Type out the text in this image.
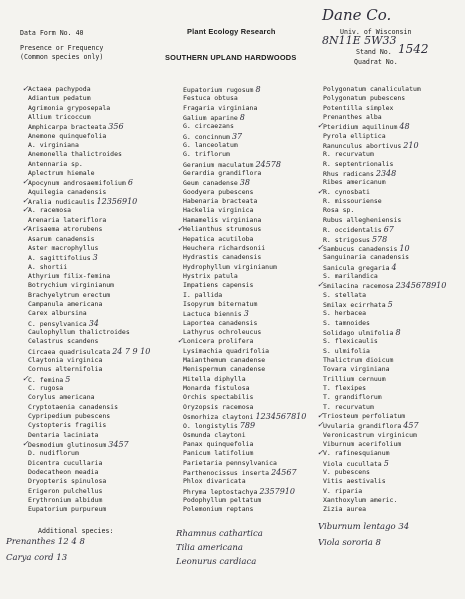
Data Form No. 40	Plant Ecology Research	Univ. of Wisconsin
Presence or Frequency
(Common species only)	SOUTHERN UPLAND HARDWOODS
Stand No.
Quadrat No.
Dane Co.
8N11E 5W33
1542
✓ Actaea pachypoda
Adiantum pedatum
Agrimonia gryposepala
Allium tricoccum
Amphicarpa bracteata 356
Anemone quinquefolia
A. virginiana
Anemonella thalictroides
Antennaria sp.
Aplectrum hiemale
✓ Apocynum androsaemifolium 6
Aquilegia canadensis
✓ Aralia nudicaulis 12356910
✓ A. racemosa
Arenaria lateriflora
✓ Arisaema atrorubens
Asarum canadensis
Aster macrophyllus
A. sagittifolius 3
A. shortii
Athyrium filix-femina
Botrychium virginianum
Brachyelytrum erectum
Campanula americana
Carex albursina
C. pensylvanica 34
Caulophyllum thalictroides
Celastrus scandens
Circaea quadrisulcata 24 7 9 10
Claytonia virginica
Cornus alternifolia
✓ C. femina 5
C. rugosa
Corylus americana
Cryptotaenia canadensis
Cypripedium pubescens
Cystopteris fragilis
Dentaria laciniata
✓ Desmodium glutinosum 3457
D. nudiflorum
Dicentra cucullaria
Dodecatheon meadia
Dryopteris spinulosa
Erigeron pulchellus
Erythronium albidum
Eupatorium purpureum
Eupatorium rugosum 8
Festuca obtusa
Fragaria virginiana
Galium aparine 8
G. circaezans
G. concinnum 37
G. lanceolatum
G. triflorum
Geranium maculatum 24578
Gerardia grandiflora
Geum canadense 38
Goodyera pubescens
Habenaria bracteata
Hackelia virginica
Hamamelis virginiana
✓ Helianthus strumosus
Hepatica acutiloba
Heuchera richardsonii
Hydrastis canadensis
Hydrophyllum virginianum
Hystrix patula
Impatiens capensis
I. pallida
Isopyrum biternatum
Lactuca biennis 3
Laportea canadensis
Lathyrus ochroleucus
✓ Lonicera prolifera
Lysimachia quadrifolia
Maianthemum canadense
Menispermum canadense
Mitella diphylla
Monarda fistulosa
Orchis spectabilis
Oryzopsis racemosa
Osmorhiza claytoni 1234567810
O. longistylis 789
Osmunda claytoni
Panax quinquefolia
Panicum latifolium
Parietaria pennsylvanica
Parthenocissus inserta 24567
Phlox divaricata
Phryma leptostachya 2357910
Podophyllum peltatum
Polemonium reptans
Polygonatum canaliculatum
Polygonatum pubescens
Potentilla simplex
Prenanthes alba
✓ Pteridium aquilinum 48
Pyrola elliptica
Ranunculus abortivus 210
R. recurvatum
R. septentrionalis
Rhus radicans 2348
Ribes americanum
✓ R. cynosbati
R. missouriense
Rosa sp.
Rubus allegheniensis
R. occidentalis 67
R. strigosus 578
✓ Sambucus canadensis 10
Sanguinaria canadensis
Sanicula gregaria 4
S. marilandica
✓ Smilacina racemosa 2345678910
S. stellata
Smilax ecirrhata 5
S. herbacea
S. tamnoides
Solidago ulmifolia 8
S. flexicaulis
S. ulmifolia
Thalictrum dioicum
Tovara virginiana
Trillium cernuum
T. flexipes
T. grandiflorum
T. recurvatum
✓ Triosteum perfoliatum
✓ Uvularia grandiflora 457
Veronicastrum virginicum
Viburnum acerifolium
✓ V. rafinesquianum
Viola cucullata 5
V. pubescens
Vitis aestivalis
V. riparia
Xanthoxylum americ.
Zizia aurea
Additional species:
Prenanthes 12 4 8
Carya cord 13
Rhamnus cathartica
Tilia americana
Leonurus cardiaca
Viburnum lentago 34
Viola sororia 8
